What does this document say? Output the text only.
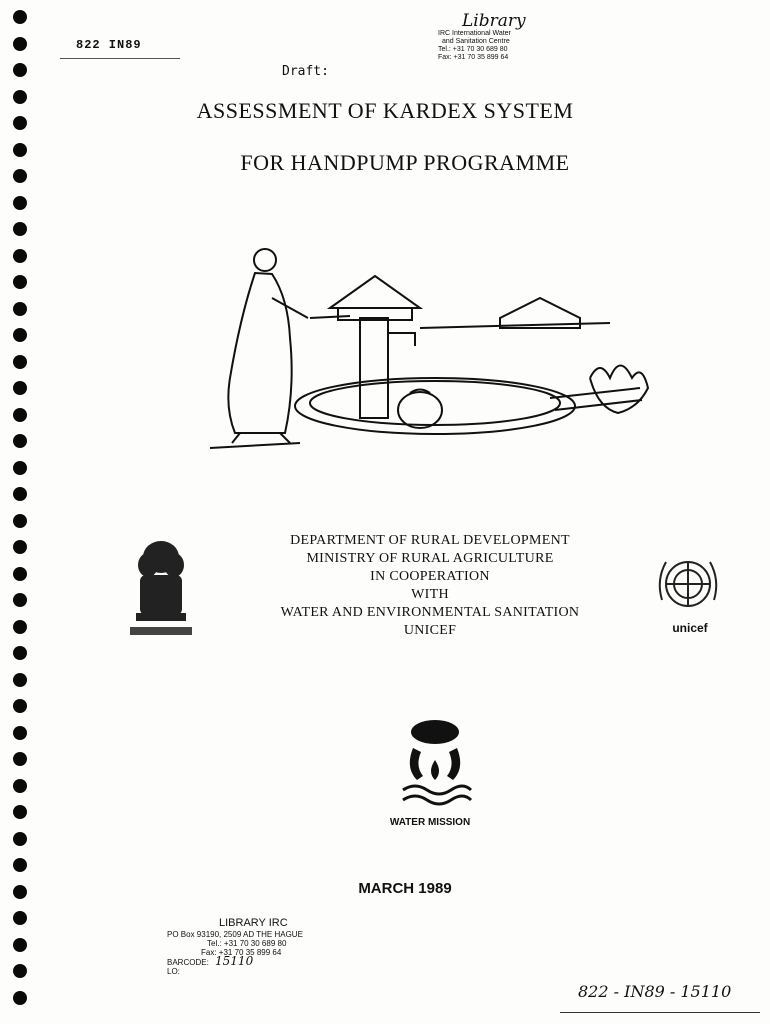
822 IN89
Library
IRC International Water
and Sanitation Centre
Tel.: +31 70 30 689 80
Fax: +31 70 35 899 64
Draft:
ASSESSMENT OF KARDEX SYSTEM
FOR HANDPUMP PROGRAMME
DEPARTMENT OF RURAL DEVELOPMENT
MINISTRY OF RURAL AGRICULTURE
IN COOPERATION
WITH
WATER AND ENVIRONMENTAL SANITATION
UNICEF	unicef
WATER MISSION
MARCH 1989
LIBRARY IRC
PO Box 93190, 2509 AD THE HAGUE
Tel.: +31 70 30 689 80
Fax: +31 70 35 899 64
BARCODE: 15110
LO:
822 - IN89 - 15110
